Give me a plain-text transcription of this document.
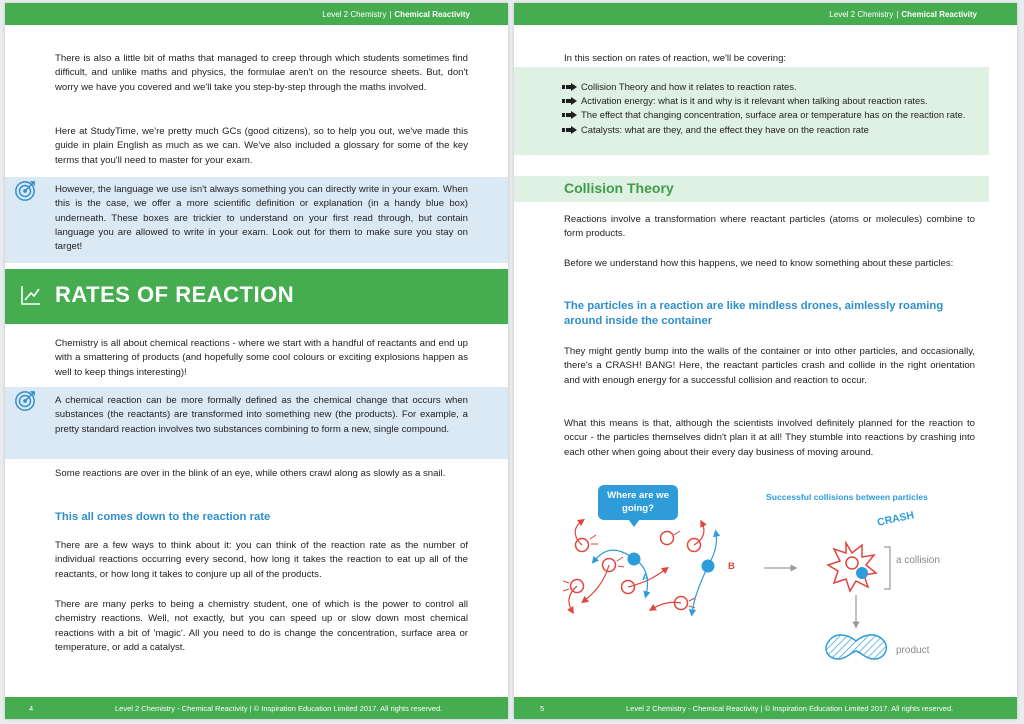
Level 2 Chemistry | Chemical Reactivity

There is also a little bit of maths that managed to creep through which students sometimes find difficult, and unlike maths and physics, the formulae aren't on the resource sheets. But, don't worry we have you covered and we'll take you step-by-step through the maths involved.

Here at StudyTime, we're pretty much GCs (good citizens), so to help you out, we've made this guide in plain English as much as we can. We've also included a glossary for some of the key terms that you'll need to master for your exam.

However, the language we use isn't always something you can directly write in your exam. When this is the case, we offer a more scientific definition or explanation (in a handy blue box) underneath. These boxes are trickier to understand on your first read through, but contain language you are allowed to write in your exam. Look out for them to make sure you stay on target!

RATES OF REACTION

Chemistry is all about chemical reactions - where we start with a handful of reactants and end up with a smattering of products (and hopefully some cool colours or exciting explosions happen as well to keep things interesting)!

A chemical reaction can be more formally defined as the chemical change that occurs when substances (the reactants) are transformed into something new (the products). For example, a pretty standard reaction involves two substances combining to form a new, single compound.

Some reactions are over in the blink of an eye, while others crawl along as slowly as a snail.

This all comes down to the reaction rate

There are a few ways to think about it: you can think of the reaction rate as the number of individual reactions occurring every second, how long it takes the reaction to eat up all of the reactants, or how long it takes to conjure up all of the products.

There are many perks to being a chemistry student, one of which is the power to control all chemistry reactions. Well, not exactly, but you can speed up or slow down most chemical reactions with a bit of 'magic'. All you need to do is change the concentration, surface area or temperature, or add a catalyst.

4	Level 2 Chemistry - Chemical Reactivity | © Inspiration Education Limited 2017. All rights reserved.
Level 2 Chemistry | Chemical Reactivity

In this section on rates of reaction, we'll be covering:

Collision Theory and how it relates to reaction rates.
Activation energy: what is it and why is it relevant when talking about reaction rates.
The effect that changing concentration, surface area or temperature has on the reaction rate.
Catalysts: what are they, and the effect they have on the reaction rate
Collision Theory

Reactions involve a transformation where reactant particles (atoms or molecules) combine to form products.

Before we understand how this happens, we need to know something about these particles:

The particles in a reaction are like mindless drones, aimlessly roaming around inside the container

They might gently bump into the walls of the container or into other particles, and occasionally, there's a CRASH! BANG! Here, the reactant particles crash and collide in the right orientation and with enough energy for a successful collision and reaction to occur.

What this means is that, although the scientists involved definitely planned for the reaction to occur - the particles themselves didn't plan it at all! They stumble into reactions by crashing into each other when going about their every day business of moving around.

Where are we going?
Successful collisions between particles
CRASH
A
B
a collision
product
5	Level 2 Chemistry - Chemical Reactivity | © Inspiration Education Limited 2017. All rights reserved.
